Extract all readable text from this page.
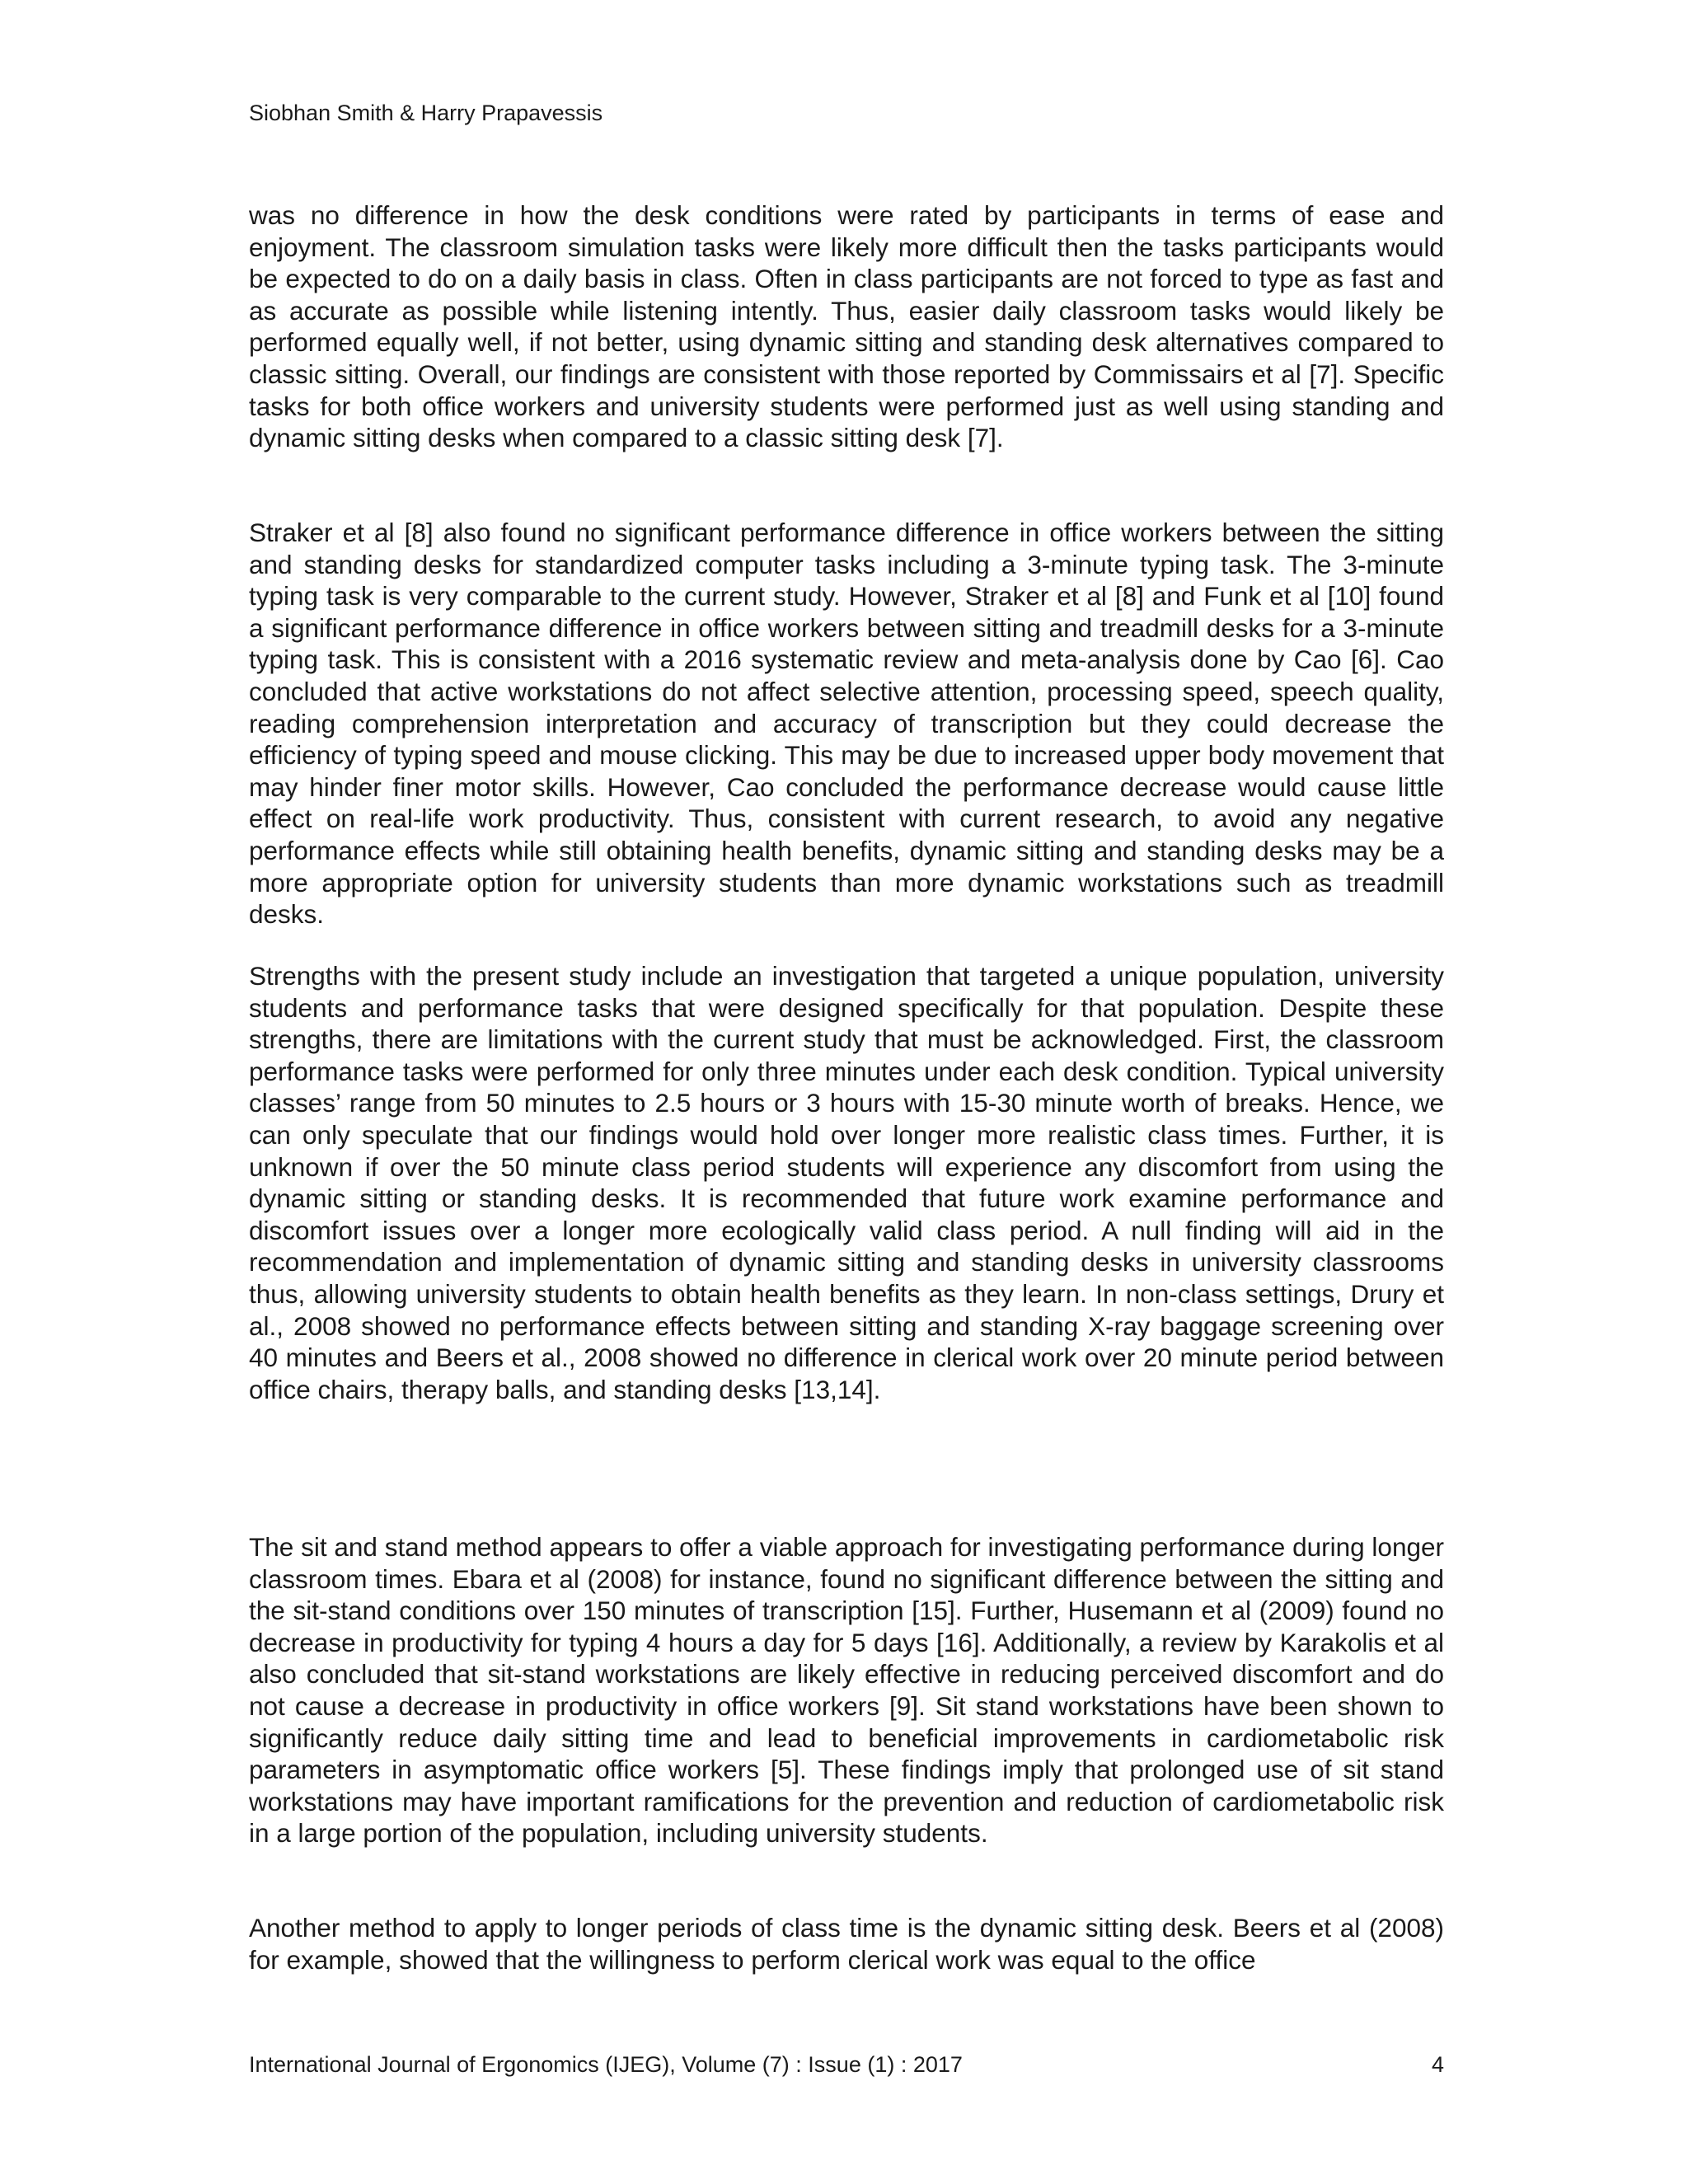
Siobhan Smith & Harry Prapavessis

was no difference in how the desk conditions were rated by participants in terms of ease and enjoyment. The classroom simulation tasks were likely more difficult then the tasks participants would be expected to do on a daily basis in class. Often in class participants are not forced to type as fast and as accurate as possible while listening intently. Thus, easier daily classroom tasks would likely be performed equally well, if not better, using dynamic sitting and standing desk alternatives compared to classic sitting. Overall, our findings are consistent with those reported by Commissairs et al [7]. Specific tasks for both office workers and university students were performed just as well using standing and dynamic sitting desks when compared to a classic sitting desk [7].

Straker et al [8] also found no significant performance difference in office workers between the sitting and standing desks for standardized computer tasks including a 3-minute typing task. The 3-minute typing task is very comparable to the current study. However, Straker et al [8] and Funk et al [10] found a significant performance difference in office workers between sitting and treadmill desks for a 3-minute typing task. This is consistent with a 2016 systematic review and meta-analysis done by Cao [6]. Cao concluded that active workstations do not affect selective attention, processing speed, speech quality, reading comprehension interpretation and accuracy of transcription but they could decrease the efficiency of typing speed and mouse clicking. This may be due to increased upper body movement that may hinder finer motor skills. However, Cao concluded the performance decrease would cause little effect on real-life work productivity. Thus, consistent with current research, to avoid any negative performance effects while still obtaining health benefits, dynamic sitting and standing desks may be a more appropriate option for university students than more dynamic workstations such as treadmill desks.

Strengths with the present study include an investigation that targeted a unique population, university students and performance tasks that were designed specifically for that population. Despite these strengths, there are limitations with the current study that must be acknowledged. First, the classroom performance tasks were performed for only three minutes under each desk condition. Typical university classes’ range from 50 minutes to 2.5 hours or 3 hours with 15-30 minute worth of breaks. Hence, we can only speculate that our findings would hold over longer more realistic class times. Further, it is unknown if over the 50 minute class period students will experience any discomfort from using the dynamic sitting or standing desks. It is recommended that future work examine performance and discomfort issues over a longer more ecologically valid class period. A null finding will aid in the recommendation and implementation of dynamic sitting and standing desks in university classrooms thus, allowing university students to obtain health benefits as they learn. In non-class settings, Drury et al., 2008 showed no performance effects between sitting and standing X-ray baggage screening over 40 minutes and Beers et al., 2008 showed no difference in clerical work over 20 minute period between office chairs, therapy balls, and standing desks [13,14].

The sit and stand method appears to offer a viable approach for investigating performance during longer classroom times. Ebara et al (2008) for instance, found no significant difference between the sitting and the sit-stand conditions over 150 minutes of transcription [15]. Further, Husemann et al (2009) found no decrease in productivity for typing 4 hours a day for 5 days [16]. Additionally, a review by Karakolis et al also concluded that sit-stand workstations are likely effective in reducing perceived discomfort and do not cause a decrease in productivity in office workers [9]. Sit stand workstations have been shown to significantly reduce daily sitting time and lead to beneficial improvements in cardiometabolic risk parameters in asymptomatic office workers [5]. These findings imply that prolonged use of sit stand workstations may have important ramifications for the prevention and reduction of cardiometabolic risk in a large portion of the population, including university students.

Another method to apply to longer periods of class time is the dynamic sitting desk. Beers et al (2008) for example, showed that the willingness to perform clerical work was equal to the office

International Journal of Ergonomics (IJEG), Volume (7) : Issue (1) : 2017	4
